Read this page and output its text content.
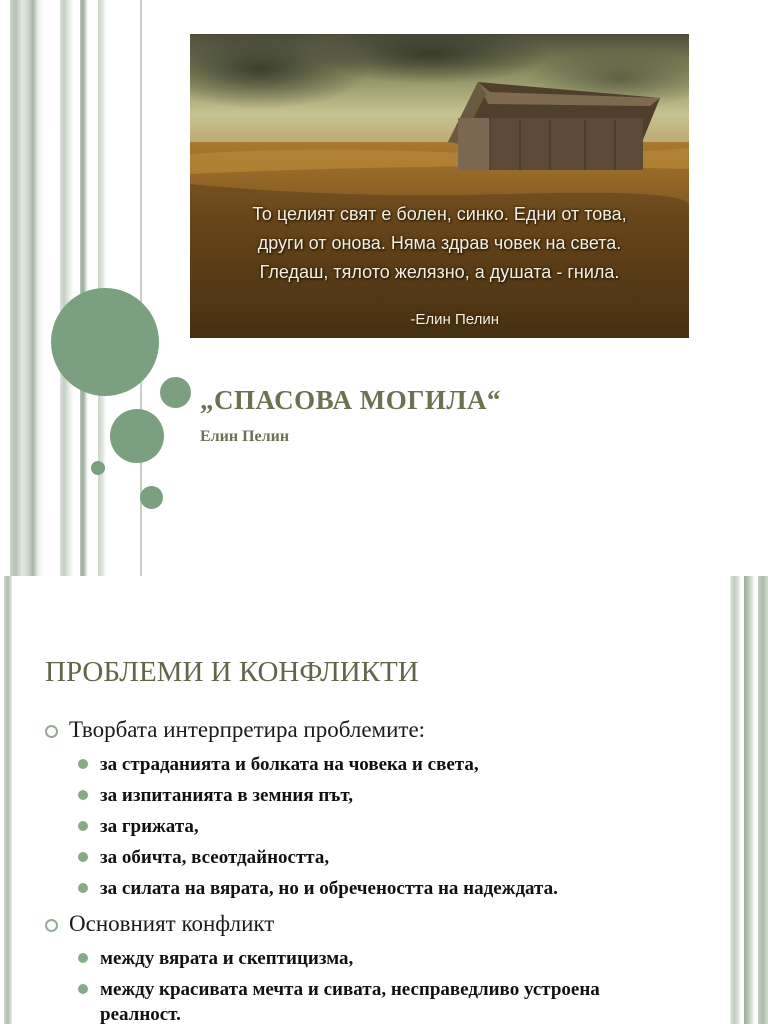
То целият свят е болен, синко. Едни от това,
други от онова. Няма здрав човек на света.
Гледаш, тялото желязно, а душата - гнила.
-Елин Пелин
„СПАСОВА МОГИЛА“
Елин Пелин
ПРОБЛЕМИ И КОНФЛИКТИ
Творбата интерпретира проблемите:
за страданията и болката на човека и света,
за изпитанията в земния път,
за грижата,
за обичта, всеотдайността,
за силата на вярата, но и обречеността на надеждата.
Основният конфликт
между вярата и скептицизма,
между красивата мечта и сивата, несправедливо устроена реалност.
